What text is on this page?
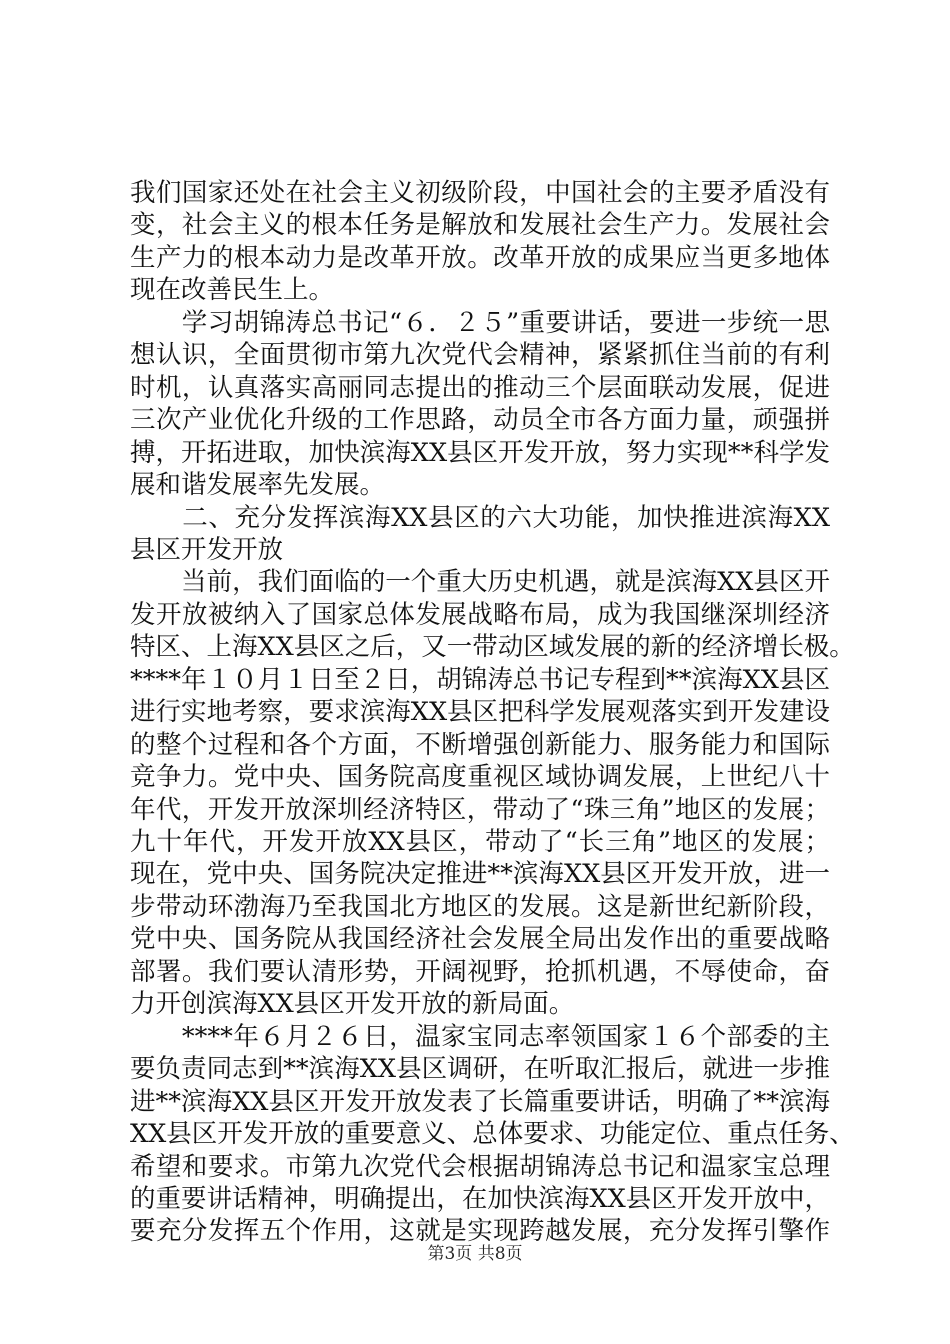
我们国家还处在社会主义初级阶段，中国社会的主要矛盾没有
变，社会主义的根本任务是解放和发展社会生产力。发展社会
生产力的根本动力是改革开放。改革开放的成果应当更多地体
现在改善民生上。
　　学习胡锦涛总书记“６．２５”重要讲话，要进一步统一思
想认识，全面贯彻市第九次党代会精神，紧紧抓住当前的有利
时机，认真落实高丽同志提出的推动三个层面联动发展，促进
三次产业优化升级的工作思路，动员全市各方面力量，顽强拼
搏，开拓进取，加快滨海XX县区开发开放，努力实现**科学发
展和谐发展率先发展。
　　二、充分发挥滨海XX县区的六大功能，加快推进滨海XX
县区开发开放
　　当前，我们面临的一个重大历史机遇，就是滨海XX县区开
发开放被纳入了国家总体发展战略布局，成为我国继深圳经济
特区、上海XX县区之后，又一带动区域发展的新的经济增长极。
****年１０月１日至２日，胡锦涛总书记专程到**滨海XX县区
进行实地考察，要求滨海XX县区把科学发展观落实到开发建设
的整个过程和各个方面，不断增强创新能力、服务能力和国际
竞争力。党中央、国务院高度重视区域协调发展，上世纪八十
年代，开发开放深圳经济特区，带动了“珠三角”地区的发展；
九十年代，开发开放XX县区，带动了“长三角”地区的发展；
现在，党中央、国务院决定推进**滨海XX县区开发开放，进一
步带动环渤海乃至我国北方地区的发展。这是新世纪新阶段，
党中央、国务院从我国经济社会发展全局出发作出的重要战略
部署。我们要认清形势，开阔视野，抢抓机遇，不辱使命，奋
力开创滨海XX县区开发开放的新局面。
　　****年６月２６日，温家宝同志率领国家１６个部委的主
要负责同志到**滨海XX县区调研，在听取汇报后，就进一步推
进**滨海XX县区开发开放发表了长篇重要讲话，明确了**滨海
XX县区开发开放的重要意义、总体要求、功能定位、重点任务、
希望和要求。市第九次党代会根据胡锦涛总书记和温家宝总理
的重要讲话精神，明确提出，在加快滨海XX县区开发开放中，
要充分发挥五个作用，这就是实现跨越发展，充分发挥引擎作
第3页 共8页
